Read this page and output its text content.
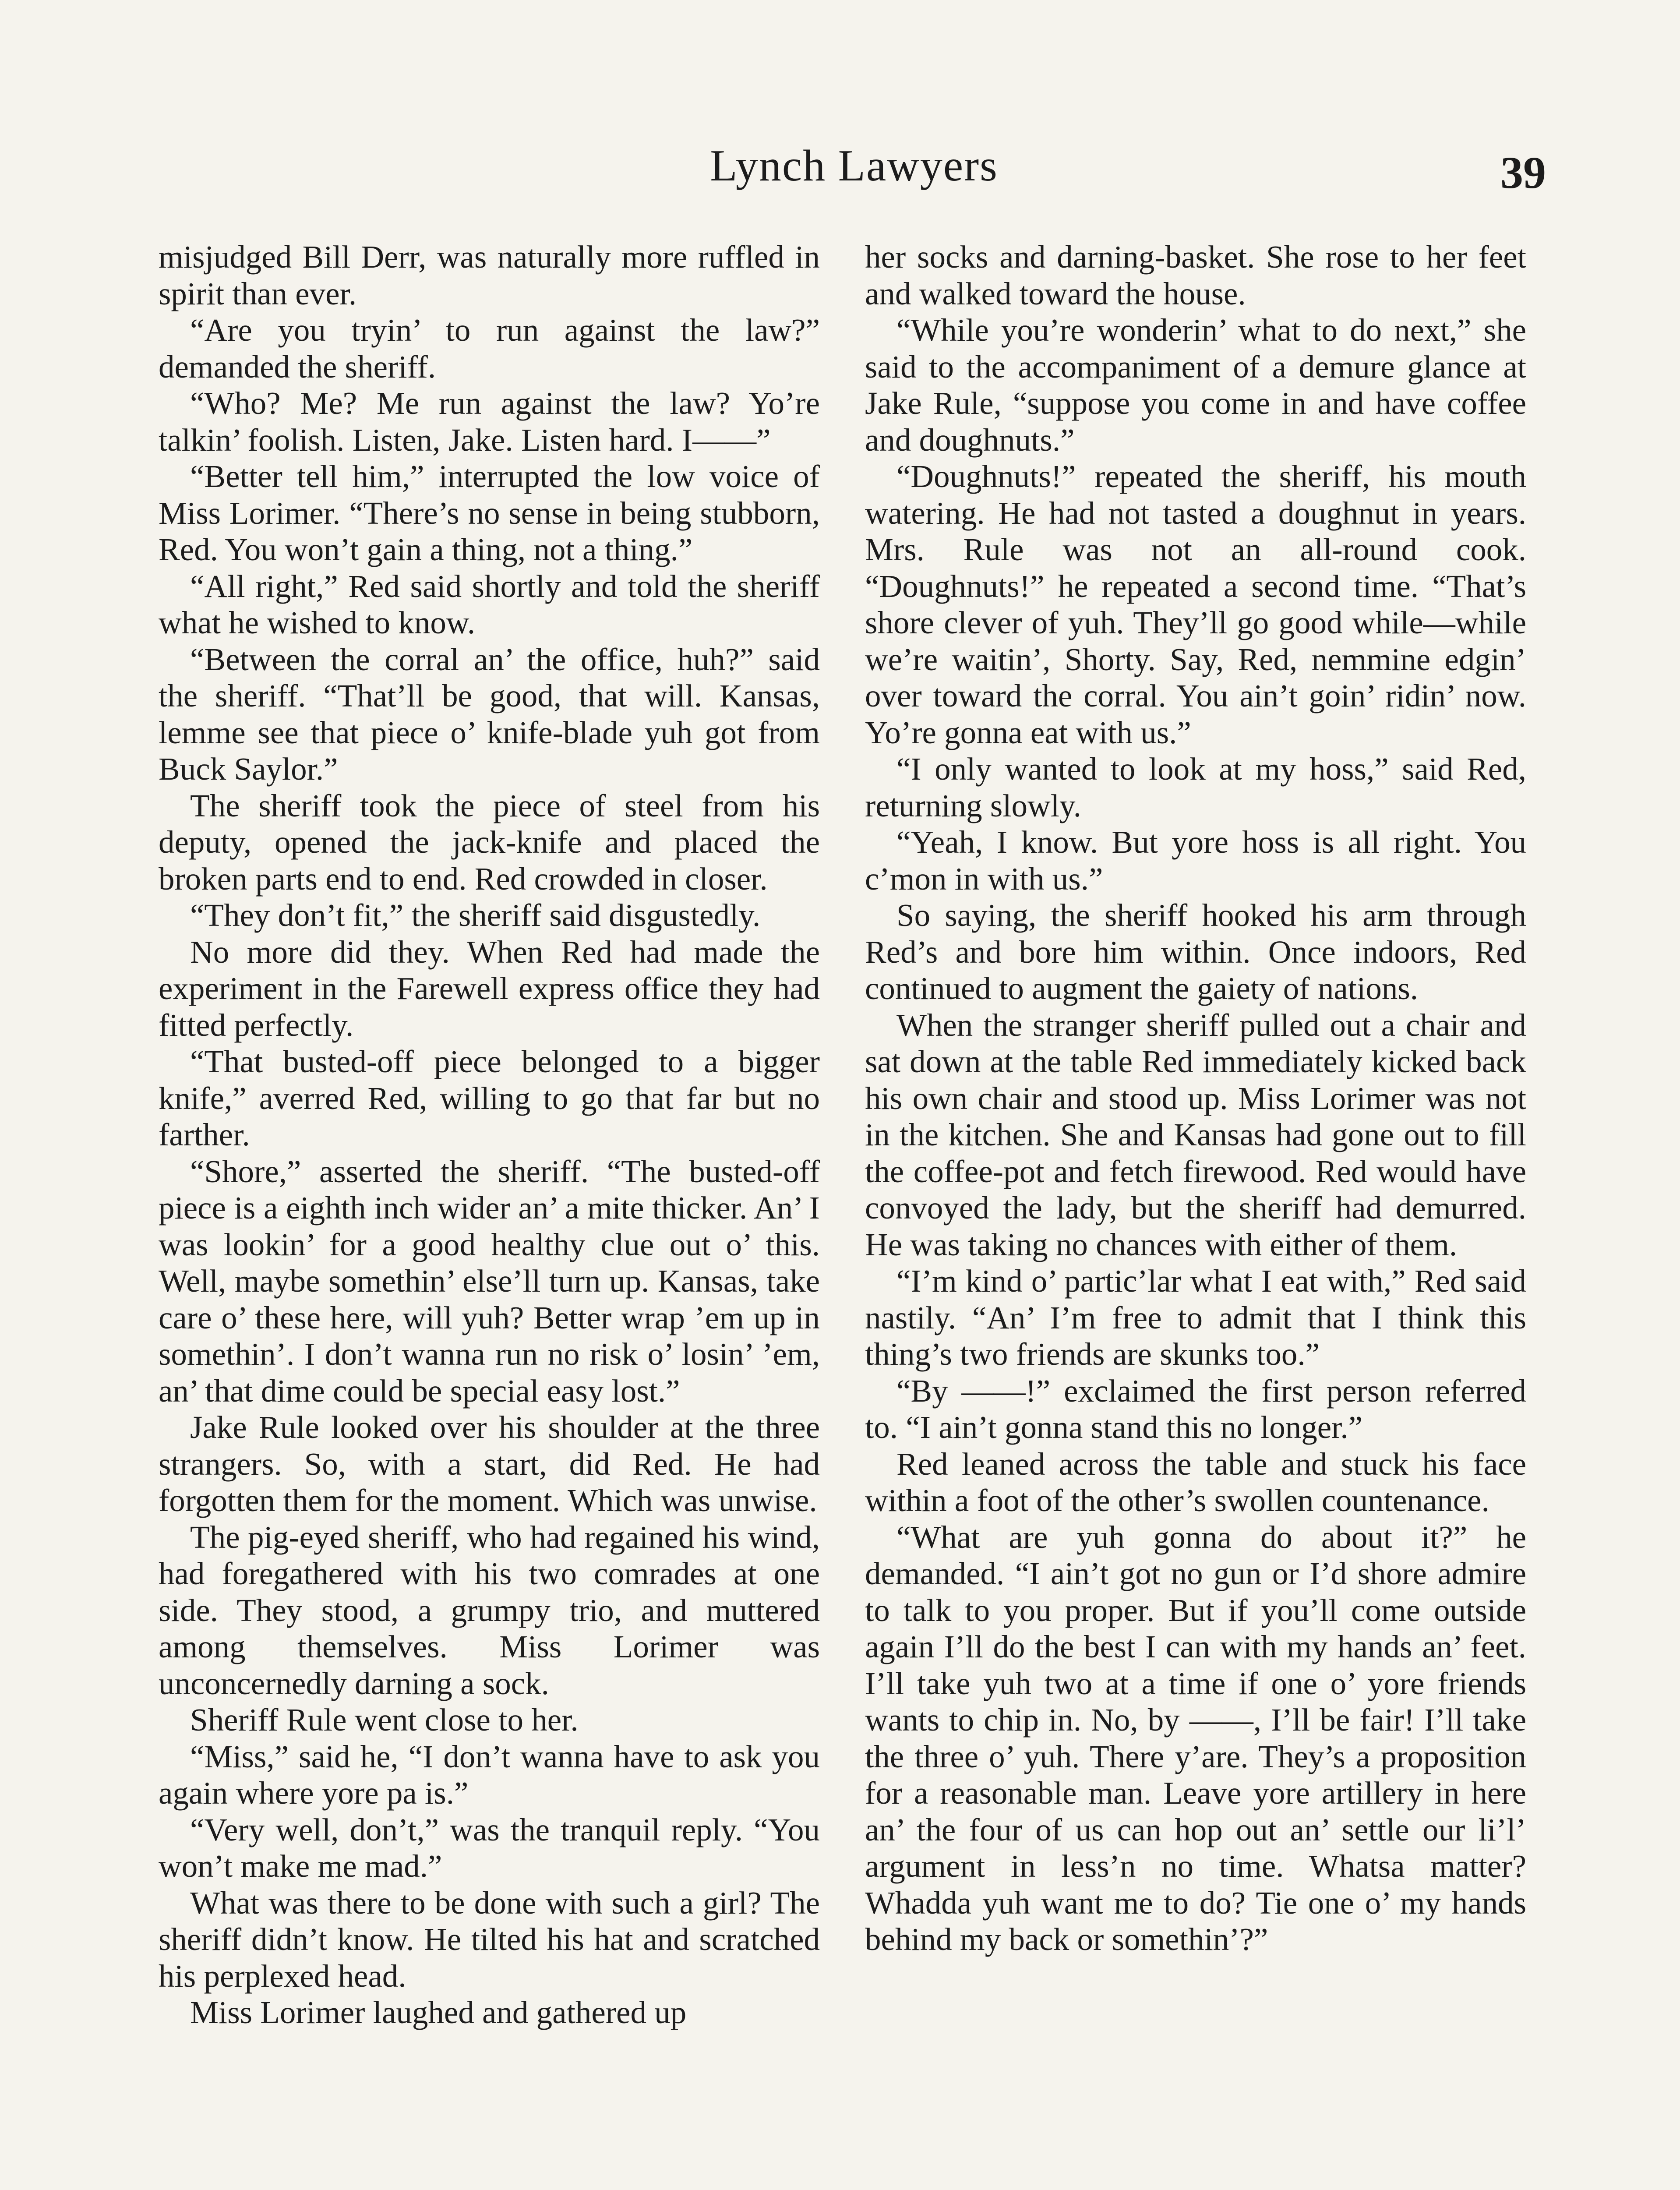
Lynch Lawyers	39

misjudged Bill Derr, was naturally more ruffled in spirit than ever.

“Are you tryin’ to run against the law?” demanded the sheriff.

“Who? Me? Me run against the law? Yo’re talkin’ foolish. Listen, Jake. Listen hard. I——”

“Better tell him,” interrupted the low voice of Miss Lorimer. “There’s no sense in being stubborn, Red. You won’t gain a thing, not a thing.”

“All right,” Red said shortly and told the sheriff what he wished to know.

“Between the corral an’ the office, huh?” said the sheriff. “That’ll be good, that will. Kansas, lemme see that piece o’ knife-blade yuh got from Buck Saylor.”

The sheriff took the piece of steel from his deputy, opened the jack-knife and placed the broken parts end to end. Red crowded in closer.

“They don’t fit,” the sheriff said disgustedly.

No more did they. When Red had made the experiment in the Farewell express office they had fitted perfectly.

“That busted-off piece belonged to a bigger knife,” averred Red, willing to go that far but no farther.

“Shore,” asserted the sheriff. “The busted-off piece is a eighth inch wider an’ a mite thicker. An’ I was lookin’ for a good healthy clue out o’ this. Well, maybe somethin’ else’ll turn up. Kansas, take care o’ these here, will yuh? Better wrap ’em up in somethin’. I don’t wanna run no risk o’ losin’ ’em, an’ that dime could be special easy lost.”

Jake Rule looked over his shoulder at the three strangers. So, with a start, did Red. He had forgotten them for the moment. Which was unwise.

The pig-eyed sheriff, who had regained his wind, had foregathered with his two comrades at one side. They stood, a grumpy trio, and muttered among themselves. Miss Lorimer was unconcernedly darning a sock.

Sheriff Rule went close to her.

“Miss,” said he, “I don’t wanna have to ask you again where yore pa is.”

“Very well, don’t,” was the tranquil reply. “You won’t make me mad.”

What was there to be done with such a girl? The sheriff didn’t know. He tilted his hat and scratched his perplexed head.

Miss Lorimer laughed and gathered up

her socks and darning-basket. She rose to her feet and walked toward the house.

“While you’re wonderin’ what to do next,” she said to the accompaniment of a demure glance at Jake Rule, “suppose you come in and have coffee and doughnuts.”

“Doughnuts!” repeated the sheriff, his mouth watering. He had not tasted a doughnut in years. Mrs. Rule was not an all-round cook. “Doughnuts!” he repeated a second time. “That’s shore clever of yuh. They’ll go good while—while we’re waitin’, Shorty. Say, Red, nemmine edgin’ over toward the corral. You ain’t goin’ ridin’ now. Yo’re gonna eat with us.”

“I only wanted to look at my hoss,” said Red, returning slowly.

“Yeah, I know. But yore hoss is all right. You c’mon in with us.”

So saying, the sheriff hooked his arm through Red’s and bore him within. Once indoors, Red continued to augment the gaiety of nations.

When the stranger sheriff pulled out a chair and sat down at the table Red immediately kicked back his own chair and stood up. Miss Lorimer was not in the kitchen. She and Kansas had gone out to fill the coffee-pot and fetch firewood. Red would have convoyed the lady, but the sheriff had demurred. He was taking no chances with either of them.

“I’m kind o’ partic’lar what I eat with,” Red said nastily. “An’ I’m free to admit that I think this thing’s two friends are skunks too.”

“By ——!” exclaimed the first person referred to. “I ain’t gonna stand this no longer.”

Red leaned across the table and stuck his face within a foot of the other’s swollen countenance.

“What are yuh gonna do about it?” he demanded. “I ain’t got no gun or I’d shore admire to talk to you proper. But if you’ll come outside again I’ll do the best I can with my hands an’ feet. I’ll take yuh two at a time if one o’ yore friends wants to chip in. No, by ——, I’ll be fair! I’ll take the three o’ yuh. There y’are. They’s a proposition for a reasonable man. Leave yore artillery in here an’ the four of us can hop out an’ settle our li’l’ argument in less’n no time. Whatsa matter? Whadda yuh want me to do? Tie one o’ my hands behind my back or somethin’?”
